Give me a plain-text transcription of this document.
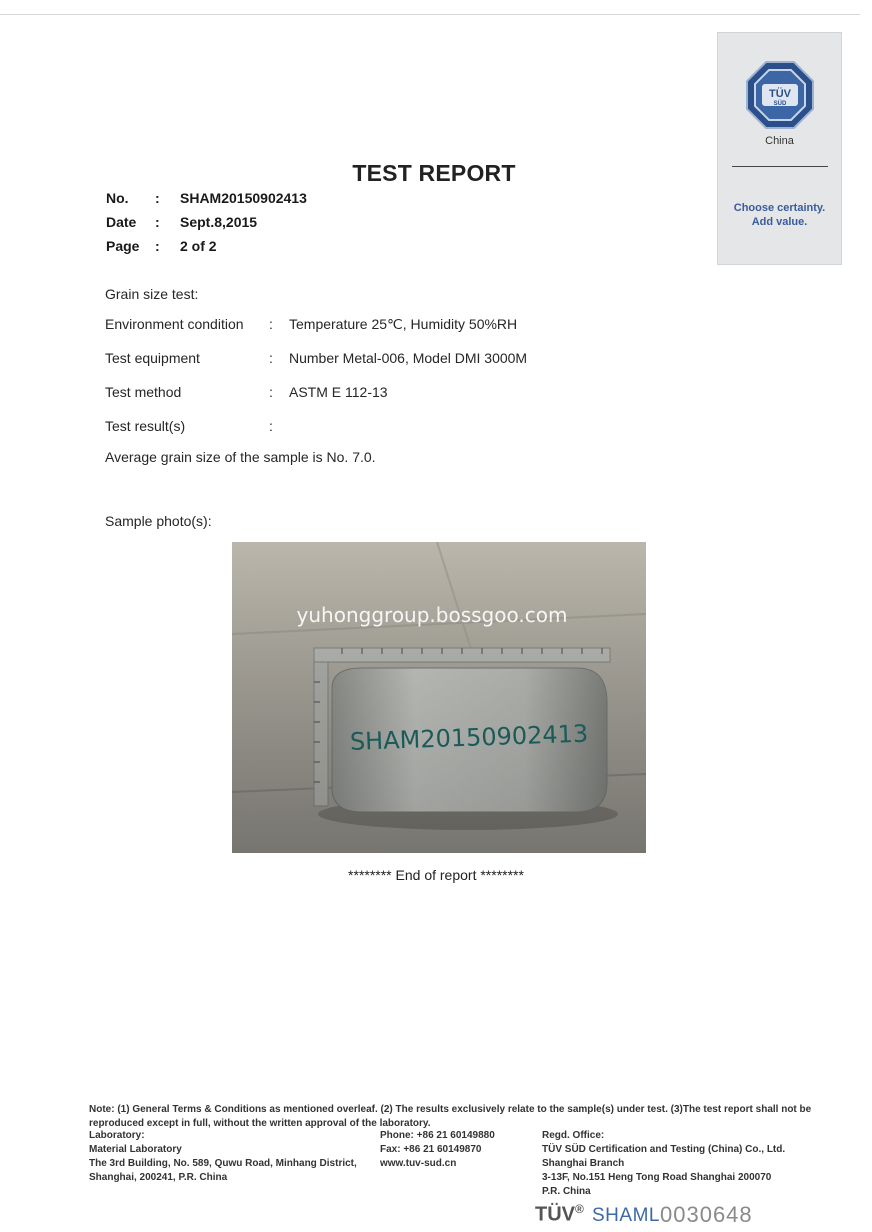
TÜV
SÜD
China
Choose certainty.
Add value.
TEST REPORT
No. : SHAM20150902413
Date : Sept.8,2015
Page : 2 of 2
Grain size test:
Environment condition : Temperature 25℃, Humidity 50%RH
Test equipment	: Number Metal-006, Model DMI 3000M
Test method	: ASTM E 112-13
Test result(s)	:
Average grain size of the sample is No. 7.0.
Sample photo(s):
yuhonggroup.bossgoo.com
******** End of report ********
Note: (1) General Terms & Conditions as mentioned overleaf. (2) The results exclusively relate to the sample(s) under test. (3)The test report shall not be
reproduced except in full, without the written approval of the laboratory.
Laboratory:
Material Laboratory
The 3rd Building, No. 589, Quwu Road, Minhang District,
Shanghai, 200241, P.R. China
Phone: +86 21 60149880
Fax: +86 21 60149870
www.tuv-sud.cn
Regd. Office:
TÜV SÜD Certification and Testing (China) Co., Ltd.
Shanghai Branch
3-13F, No.151 Heng Tong Road Shanghai 200070
P.R. China
TÜV® SHAML 0030648
